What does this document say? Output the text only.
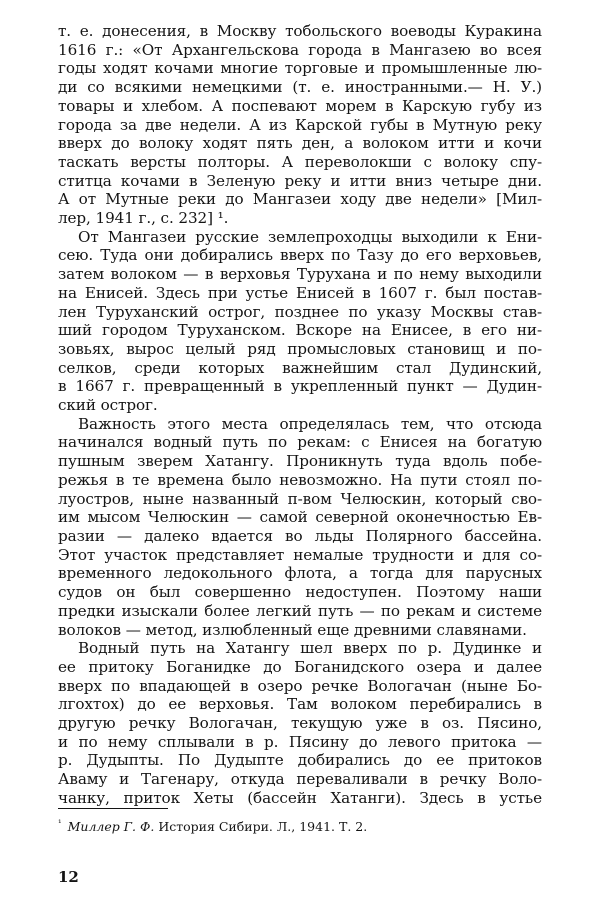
т. е. донесения, в Москву тобольского воеводы Куракина
1616 г.: «От Архангельскова города в Мангазею во всея
годы ходят кочами многие торговые и промышленные лю-
ди со всякими немецкими (т. е. иностранными.— Н. У.)
товары и хлебом. А поспевают морем в Карскую губу из
города за две недели. А из Карской губы в Мутную реку
вверх до волоку ходят пять ден, а волоком итти и кочи
таскать версты полторы. А переволокши с волоку спу-
ститца кочами в Зеленую реку и итти вниз четыре дни.
А от Мутные реки до Мангазеи ходу две недели» [Мил-
лер, 1941 г., с. 232] ¹.

От Мангазеи русские землепроходцы выходили к Ени-
сею. Туда они добирались вверх по Тазу до его верховьев,
затем волоком — в верховья Турухана и по нему выходили
на Енисей. Здесь при устье Енисей в 1607 г. был постав-
лен Туруханский острог, позднее по указу Москвы став-
ший городом Туруханском. Вскоре на Енисее, в его ни-
зовьях, вырос целый ряд промысловых становищ и по-
селков, среди которых важнейшим стал Дудинский,
в 1667 г. превращенный в укрепленный пункт — Дудин-
ский острог.

Важность этого места определялась тем, что отсюда
начинался водный путь по рекам: с Енисея на богатую
пушным зверем Хатангу. Проникнуть туда вдоль побе-
режья в те времена было невозможно. На пути стоял по-
луостров, ныне названный п-вом Челюскин, который сво-
им мысом Челюскин — самой северной оконечностью Ев-
разии — далеко вдается во льды Полярного бассейна.
Этот участок представляет немалые трудности и для со-
временного ледокольного флота, а тогда для парусных
судов он был совершенно недоступен. Поэтому наши
предки изыскали более легкий путь — по рекам и системе
волоков — метод, излюбленный еще древними славянами.

Водный путь на Хатангу шел вверх по р. Дудинке и
ее притоку Боганидке до Боганидского озера и далее
вверх по впадающей в озеро речке Вологачан (ныне Бо-
лгохтох) до ее верховья. Там волоком перебирались в
другую речку Вологачан, текущую уже в оз. Пясино,
и по нему сплывали в р. Пясину до левого притока —
р. Дудыпты. По Дудыпте добирались до ее притоков
Аваму и Тагенару, откуда переваливали в речку Воло-
чанку, приток Хеты (бассейн Хатанги). Здесь в устье

$^{^1}$ Миллер Г. Ф. История Сибири. Л., 1941. Т. 2.
12
